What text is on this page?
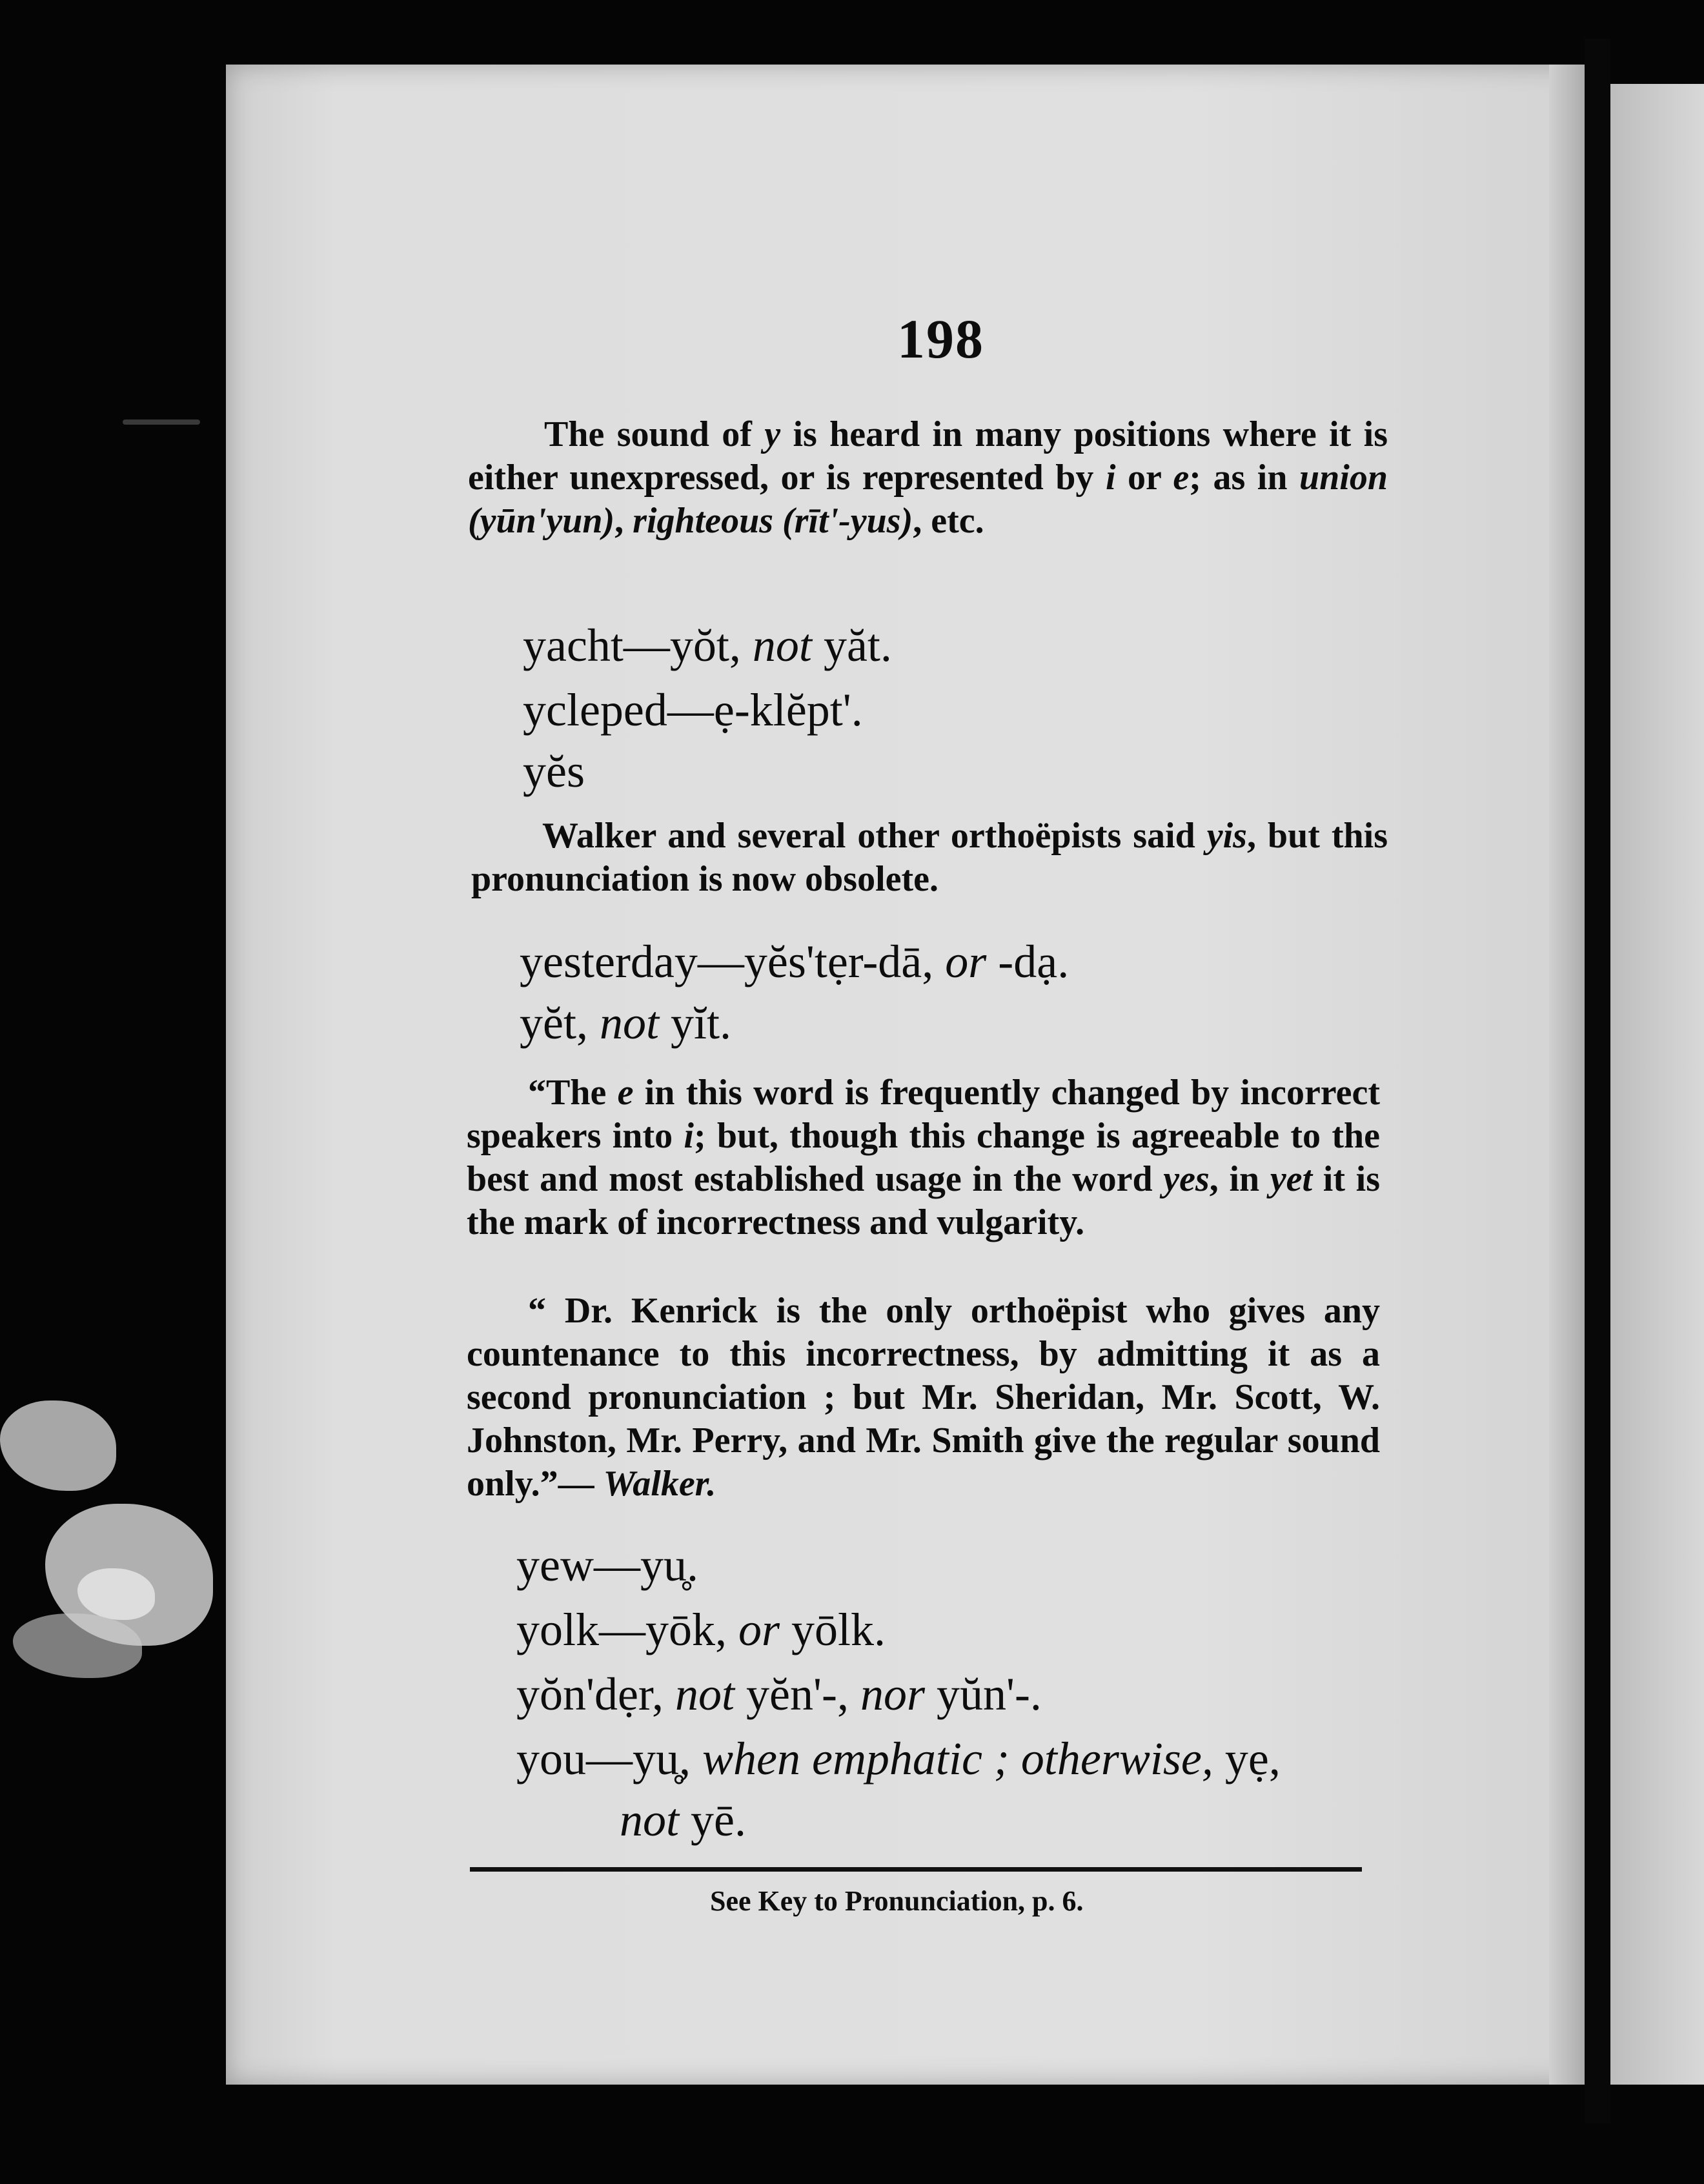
198

The sound of y is heard in many positions where it is either unexpressed, or is represented by i or e; as in union (yūn'yun), righteous (rīt'-yus), etc.

yacht—yŏt, not yăt.

ycleped—ẹ-klĕpt'.

yĕs

Walker and several other orthoëpists said yis, but this pronunciation is now obsolete.

yesterday—yĕs'tẹr-dā, or -dạ.

yĕt, not yĭt.

“The e in this word is frequently changed by incorrect speakers into i; but, though this change is agreeable to the best and most established usage in the word yes, in yet it is the mark of incorrectness and vulgarity.

“ Dr. Kenrick is the only orthoëpist who gives any countenance to this incorrectness, by admitting it as a second pronunciation ; but Mr. Sheridan, Mr. Scott, W. Johnston, Mr. Perry, and Mr. Smith give the regular sound only.”— Walker.

yew—yu̥.

yolk—yōk, or yōlk.

yŏn'dẹr, not yĕn'-, nor yŭn'-.

you—yu̥, when emphatic ; otherwise, yẹ,

not yē.

See Key to Pronunciation, p. 6.
